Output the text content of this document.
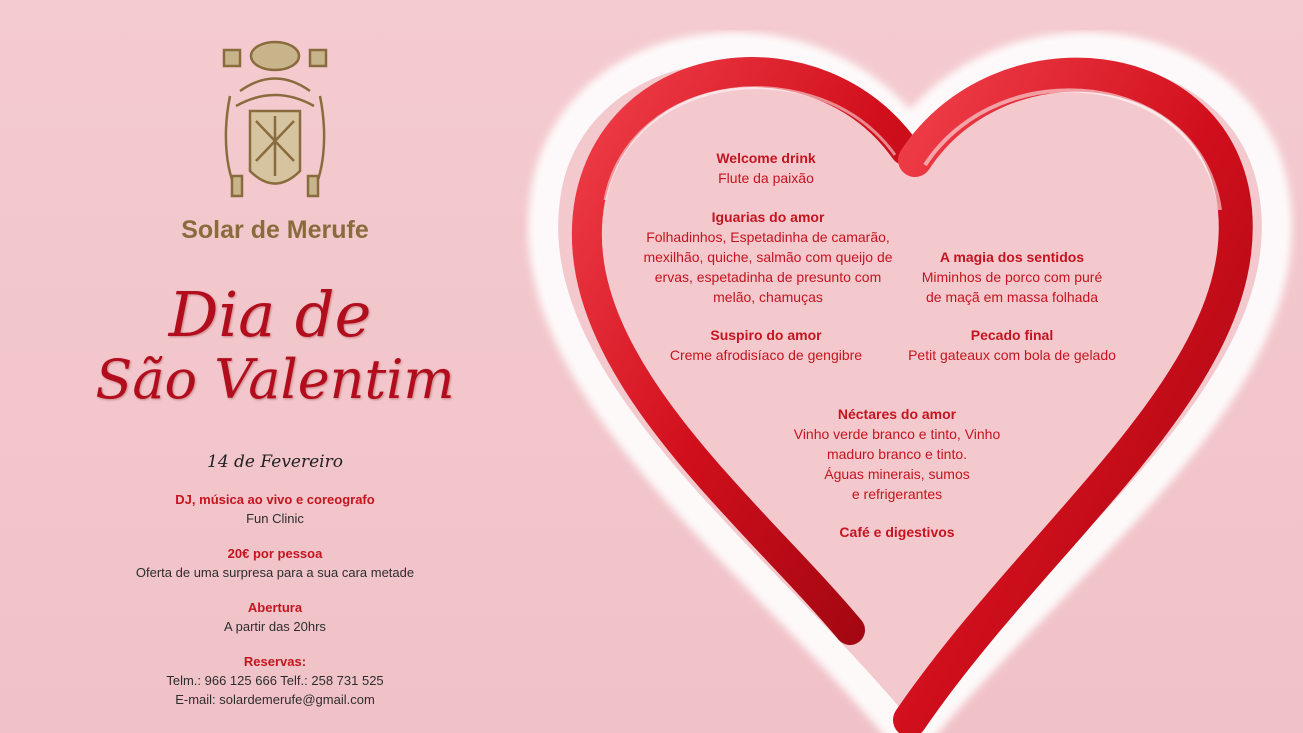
Solar de Merufe
Dia de
São Valentim
14 de Fevereiro
DJ, música ao vivo e coreografo
Fun Clinic
20€ por pessoa
Oferta de uma surpresa para a sua cara metade
Abertura
A partir das 20hrs
Reservas:
Telm.: 966 125 666 Telf.: 258 731 525
E-mail: solardemerufe@gmail.com
Welcome drink
Flute da paixão
Iguarias do amor
Folhadinhos, Espetadinha de camarão,
mexilhão, quiche, salmão com queijo de
ervas, espetadinha de presunto com
melão, chamuças
Suspiro do amor
Creme afrodisíaco de gengibre
A magia dos sentidos
Miminhos de porco com puré
de maçã em massa folhada
Pecado final
Petit gateaux com bola de gelado
Néctares do amor
Vinho verde branco e tinto, Vinho
maduro branco e tinto.
Águas minerais, sumos
e refrigerantes
Café e digestivos
